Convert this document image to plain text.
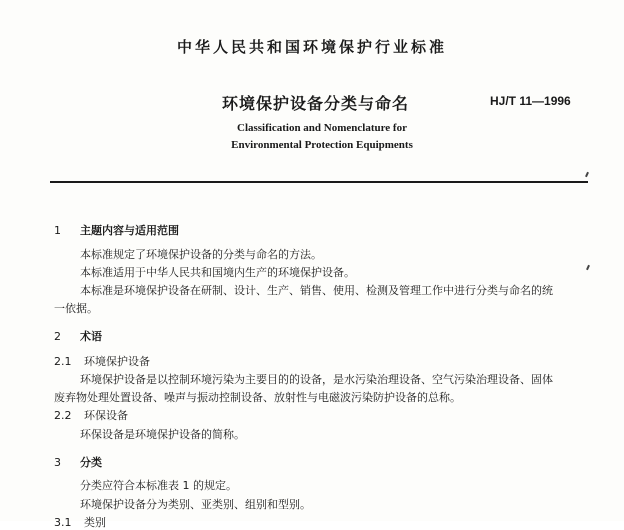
中华人民共和国环境保护行业标准
环境保护设备分类与命名	HJ/T 11—1996
Classification and Nomenclature for
Environmental Protection Equipments
1 主题内容与适用范围
本标准规定了环境保护设备的分类与命名的方法。
本标准适用于中华人民共和国境内生产的环境保护设备。
本标准是环境保护设备在研制、设计、生产、销售、使用、检测及管理工作中进行分类与命名的统
一依据。
2 术语
2.1 环境保护设备
环境保护设备是以控制环境污染为主要目的的设备，是水污染治理设备、空气污染治理设备、固体
废弃物处理处置设备、噪声与振动控制设备、放射性与电磁波污染防护设备的总称。
2.2 环保设备
环保设备是环境保护设备的简称。
3 分类
分类应符合本标准表 1 的规定。
环境保护设备分为类别、亚类别、组别和型别。
3.1 类别
